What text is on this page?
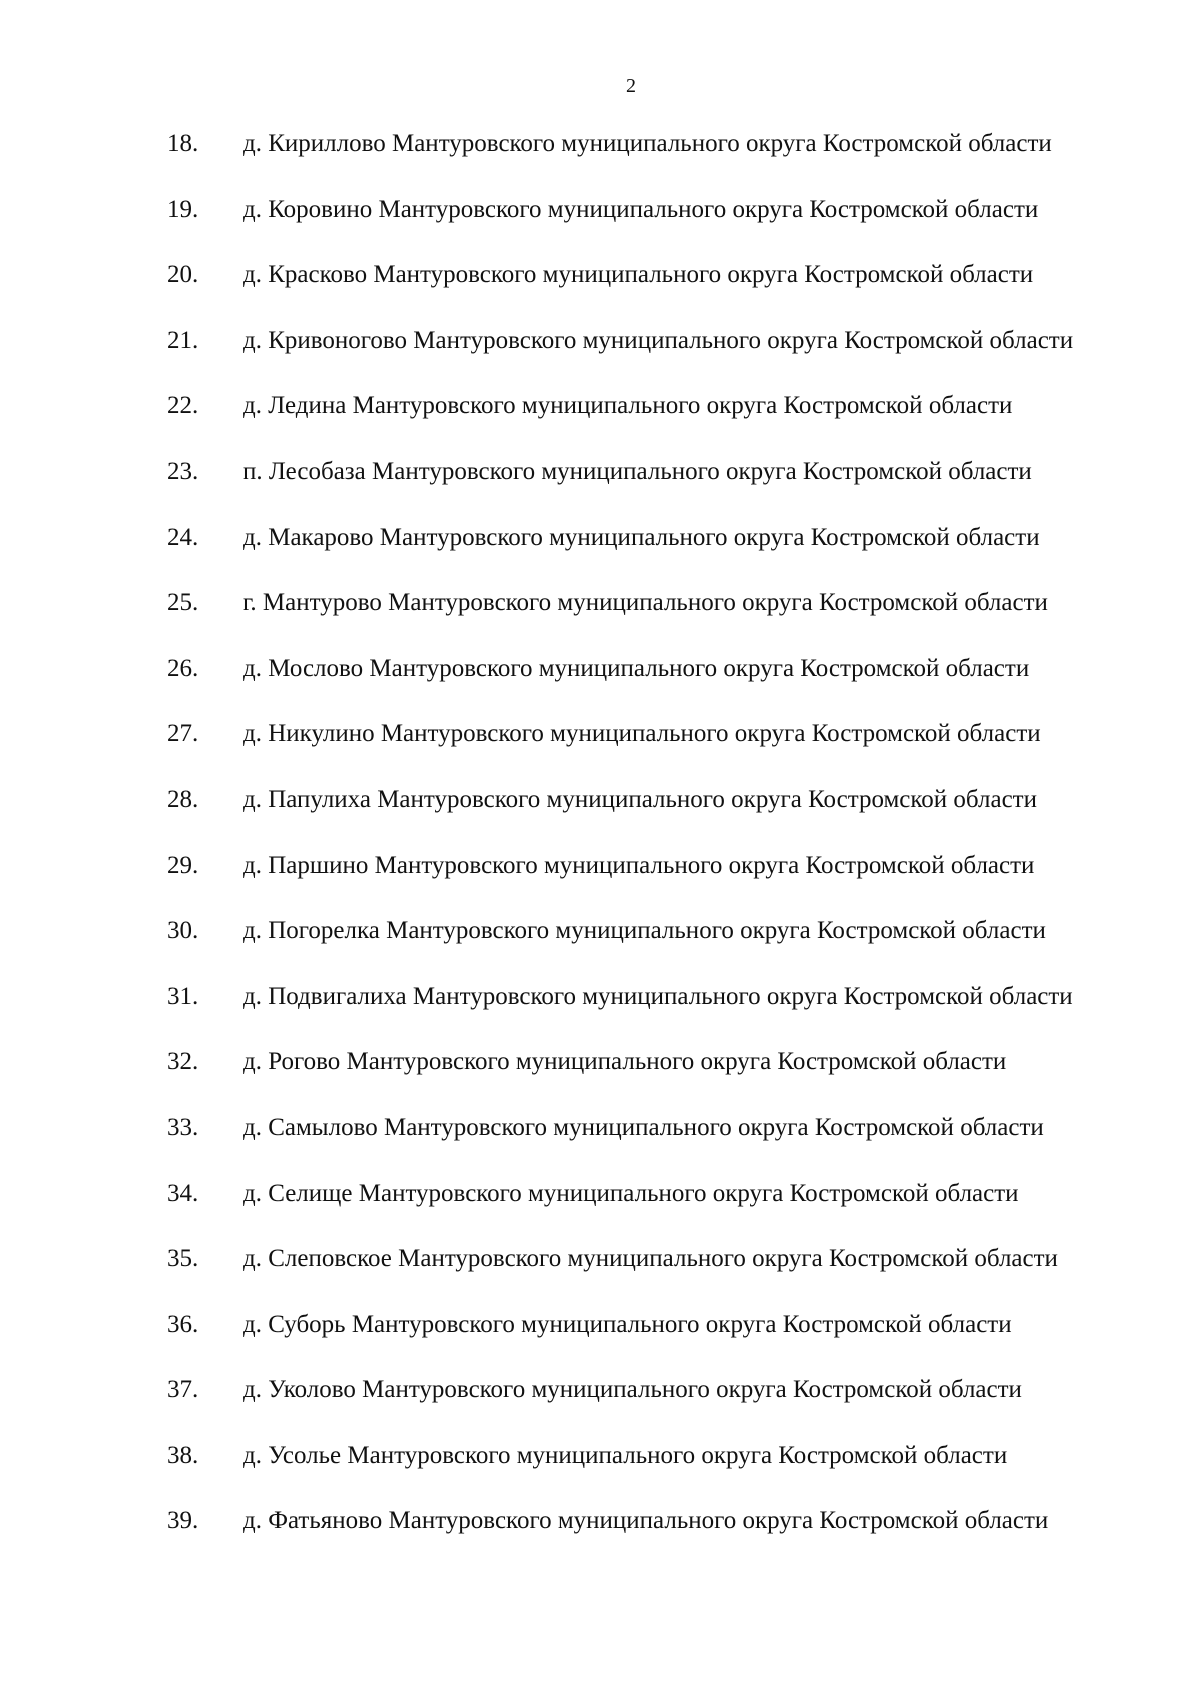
2
18.	д. Кириллово Мантуровского муниципального округа Костромской области
19.	д. Коровино Мантуровского муниципального округа Костромской области
20.	д. Красково Мантуровского муниципального округа Костромской области
21.	д. Кривоногово Мантуровского муниципального округа Костромской области
22.	д. Ледина Мантуровского муниципального округа Костромской области
23.	п. Лесобаза Мантуровского муниципального округа Костромской области
24.	д. Макарово Мантуровского муниципального округа Костромской области
25.	г. Мантурово Мантуровского муниципального округа Костромской области
26.	д. Мослово Мантуровского муниципального округа Костромской области
27.	д. Никулино Мантуровского муниципального округа Костромской области
28.	д. Папулиха Мантуровского муниципального округа Костромской области
29.	д. Паршино Мантуровского муниципального округа Костромской области
30.	д. Погорелка Мантуровского муниципального округа Костромской области
31.	д. Подвигалиха Мантуровского муниципального округа Костромской области
32.	д. Рогово Мантуровского муниципального округа Костромской области
33.	д. Самылово Мантуровского муниципального округа Костромской области
34.	д. Селище Мантуровского муниципального округа Костромской области
35.	д. Слеповское Мантуровского муниципального округа Костромской области
36.	д. Суборь Мантуровского муниципального округа Костромской области
37.	д. Уколово Мантуровского муниципального округа Костромской области
38.	д. Усолье Мантуровского муниципального округа Костромской области
39.	д. Фатьяново Мантуровского муниципального округа Костромской области
